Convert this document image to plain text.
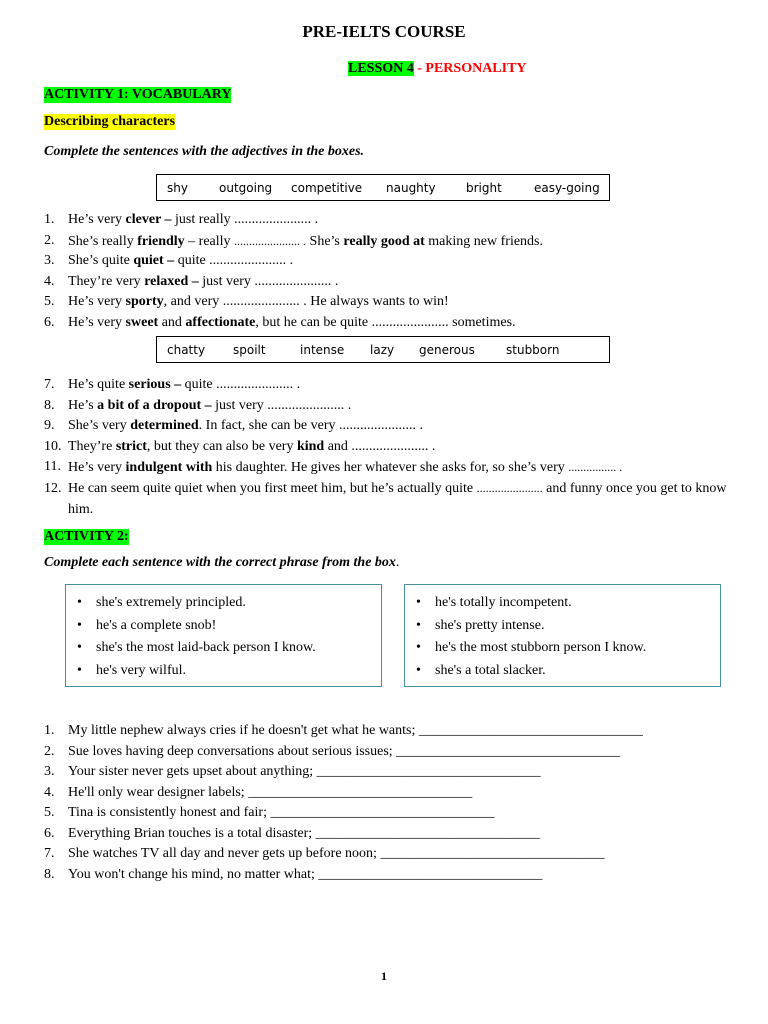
PRE-IELTS COURSE
LESSON 4 - PERSONALITY
ACTIVITY 1: VOCABULARY
Describing characters
Complete the sentences with the adjectives in the boxes.
shy	outgoing competitive naughty	bright	easy-going
1. He’s very clever – just really ...................... .
2. She’s really friendly – really ...................... . She’s really good at making new friends.
3. She’s quite quiet – quite ...................... .
4. They’re very relaxed – just very ...................... .
5. He’s very sporty, and very ...................... . He always wants to win!
6. He’s very sweet and affectionate, but he can be quite ...................... sometimes.
chatty spoilt	intense lazy generous	stubborn
7. He’s quite serious – quite ...................... .
8. He’s a bit of a dropout – just very ...................... .
9. She’s very determined. In fact, she can be very ...................... .
10. They’re strict, but they can also be very kind and ...................... .
11. He’s very indulgent with his daughter. He gives her whatever she asks for, so she’s very ................ .
12. He can seem quite quiet when you first meet him, but he’s actually quite ...................... and funny once you get to know him.
ACTIVITY 2:
Complete each sentence with the correct phrase from the box.
• she's extremely principled.
• he's a complete snob!
• she's the most laid-back person I know.
• he's very wilful.
• he's totally incompetent.
• she's pretty intense.
• he's the most stubborn person I know.
• she's a total slacker.
1. My little nephew always cries if he doesn't get what he wants; ________________________________
2. Sue loves having deep conversations about serious issues; ________________________________
3. Your sister never gets upset about anything; ________________________________
4. He'll only wear designer labels; ________________________________
5. Tina is consistently honest and fair; ________________________________
6. Everything Brian touches is a total disaster; ________________________________
7. She watches TV all day and never gets up before noon; ________________________________
8. You won't change his mind, no matter what; ________________________________
1
